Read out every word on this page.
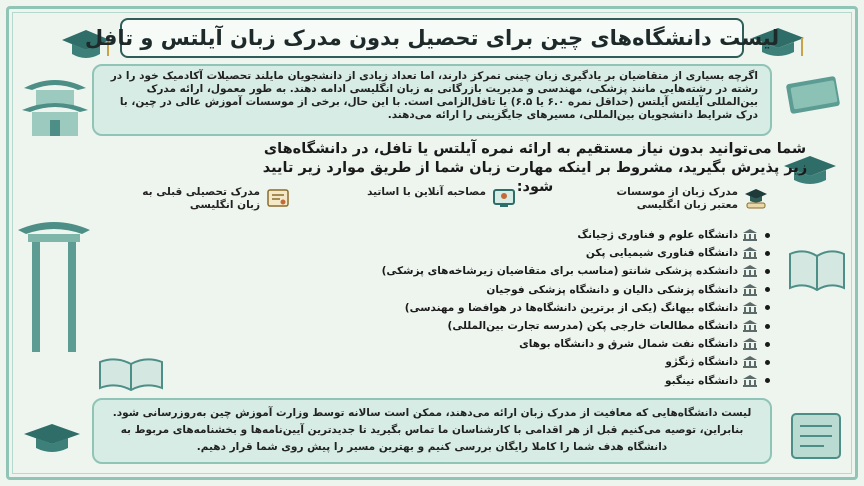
لیست دانشگاه‌های چین برای تحصیل بدون مدرک زبان آیلتس و تافل

اگرچه بسیاری از متقاضیان بر یادگیری زبان چینی تمرکز دارند، اما تعداد زیادی از دانشجویان مایلند تحصیلات آکادمیک خود را در رشته در رشته‌هایی مانند پزشکی، مهندسی و مدیریت بازرگانی به زبان انگلیسی ادامه دهند. به طور معمول، ارائه مدرک بین‌المللی آیلتس آیلتس (حداقل نمره ۶.۰ یا ۶.۵) یا تافل‌الزامی است. با این حال، برخی از موسسات آموزش عالی در چین، با درک شرایط دانشجویان بین‌المللی، مسیرهای جایگزینی را ارائه می‌دهند.

شما می‌توانید بدون نیاز مستقیم به ارائه نمره آیلتس یا تافل، در دانشگاه‌های زیر پذیرش بگیرید، مشروط بر اینکه مهارت زبان شما از طریق موارد زیر تایید شود:	مدرک زبان از موسسات معتبر زبان انگلیسی
مصاحبه آنلاین با اساتید
مدرک تحصیلی قبلی به زبان انگلیسی
دانشگاه علوم و فناوری ژجیانگ
دانشگاه فناوری شیمیایی پکن
دانشکده پزشکی شانتو (مناسب برای متقاضیان زیرشاخه‌های پزشکی)
دانشگاه پزشکی دالیان و دانشگاه پزشکی فوجیان
دانشگاه بیهانگ (یکی از برترین دانشگاه‌ها در هوافضا و مهندسی)
دانشگاه مطالعات خارجی پکن (مدرسه تجارت بین‌المللی)
دانشگاه نفت شمال شرق و دانشگاه بوهای
دانشگاه ژنگژو
دانشگاه نینگبو

لیست دانشگاه‌هایی که معافیت از مدرک زبان ارائه می‌دهند، ممکن است سالانه توسط وزارت آموزش چین به‌روزرسانی شود. بنابراین، توصیه می‌کنیم قبل از هر اقدامی با کارشناسان ما تماس بگیرید تا جدیدترین آیین‌نامه‌ها و بخشنامه‌های مربوط به دانشگاه هدف شما را کاملا رایگان بررسی کنیم و بهترین مسیر را پیش روی شما قرار دهیم.
